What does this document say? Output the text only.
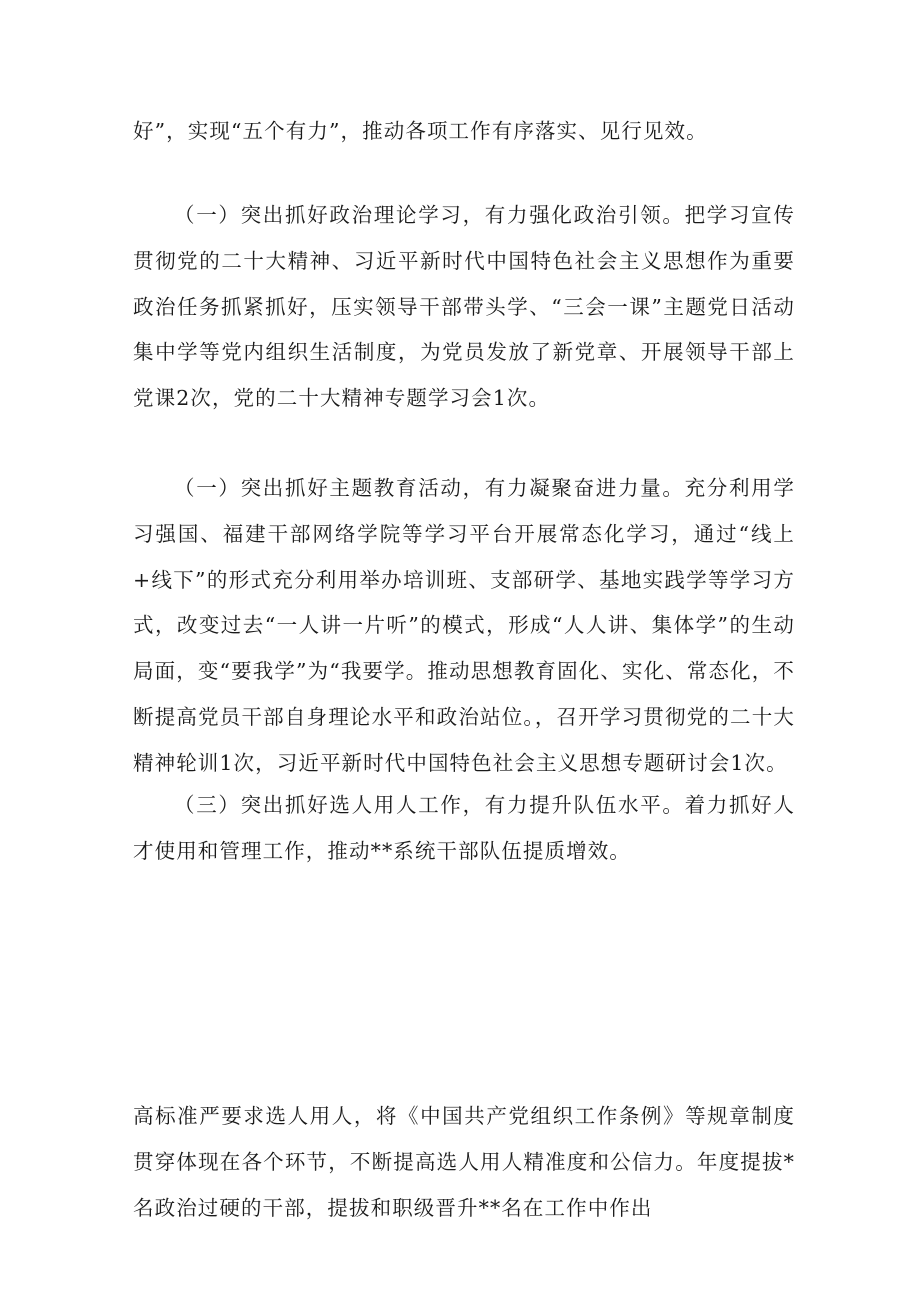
好”，实现“五个有力”，推动各项工作有序落实、见行见效。

（一）突出抓好政治理论学习，有力强化政治引领。把学习宣传贯彻党的二十大精神、习近平新时代中国特色社会主义思想作为重要政治任务抓紧抓好，压实领导干部带头学、“三会一课”主题党日活动集中学等党内组织生活制度，为党员发放了新党章、开展领导干部上党课2次，党的二十大精神专题学习会1次。

（一）突出抓好主题教育活动，有力凝聚奋进力量。充分利用学习强国、福建干部网络学院等学习平台开展常态化学习，通过“线上+线下”的形式充分利用举办培训班、支部研学、基地实践学等学习方式，改变过去“一人讲一片听”的模式，形成“人人讲、集体学”的生动局面，变“要我学”为“我要学。推动思想教育固化、实化、常态化，不断提高党员干部自身理论水平和政治站位。，召开学习贯彻党的二十大精神轮训1次，习近平新时代中国特色社会主义思想专题研讨会1次。

（三）突出抓好选人用人工作，有力提升队伍水平。着力抓好人才使用和管理工作，推动**系统干部队伍提质增效。

高标准严要求选人用人，将《中国共产党组织工作条例》等规章制度贯穿体现在各个环节，不断提高选人用人精准度和公信力。年度提拔*名政治过硬的干部，提拔和职级晋升**名在工作中作出
